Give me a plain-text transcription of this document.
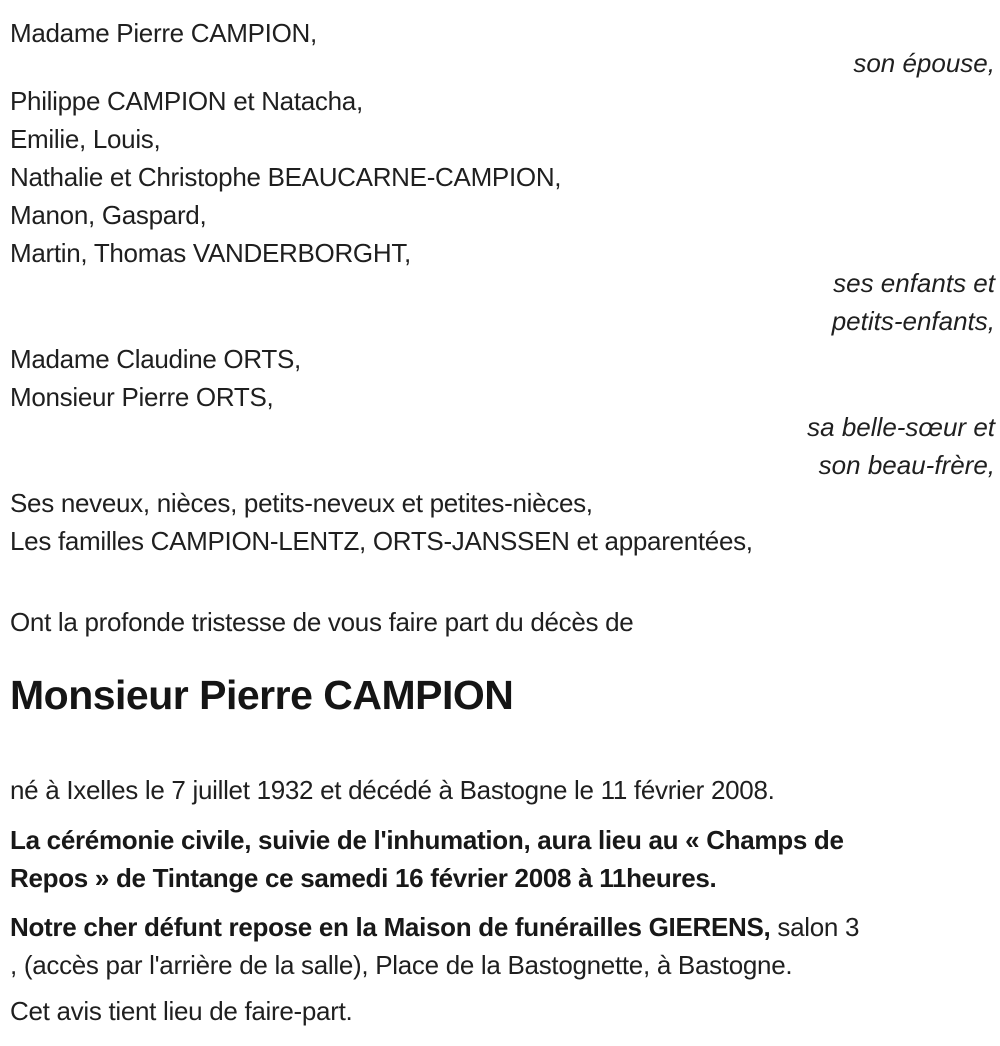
Madame Pierre CAMPION,
son épouse,
Philippe CAMPION et Natacha,
Emilie, Louis,
Nathalie et Christophe BEAUCARNE-CAMPION,
Manon, Gaspard,
Martin, Thomas VANDERBORGHT,
ses enfants et
petits-enfants,
Madame Claudine ORTS,
Monsieur Pierre ORTS,
sa belle-sœur et
son beau-frère,
Ses neveux, nièces, petits-neveux et petites-nièces,
Les familles CAMPION-LENTZ, ORTS-JANSSEN et apparentées,
Ont la profonde tristesse de vous faire part du décès de
Monsieur Pierre CAMPION
né à Ixelles le 7 juillet 1932 et décédé à Bastogne le 11 février 2008.
La cérémonie civile, suivie de l'inhumation, aura lieu au « Champs de
Repos » de Tintange ce samedi 16 février 2008 à 11heures.
Notre cher défunt repose en la Maison de funérailles GIERENS, salon 3
, (accès par l'arrière de la salle), Place de la Bastognette, à Bastogne.
Cet avis tient lieu de faire-part.
